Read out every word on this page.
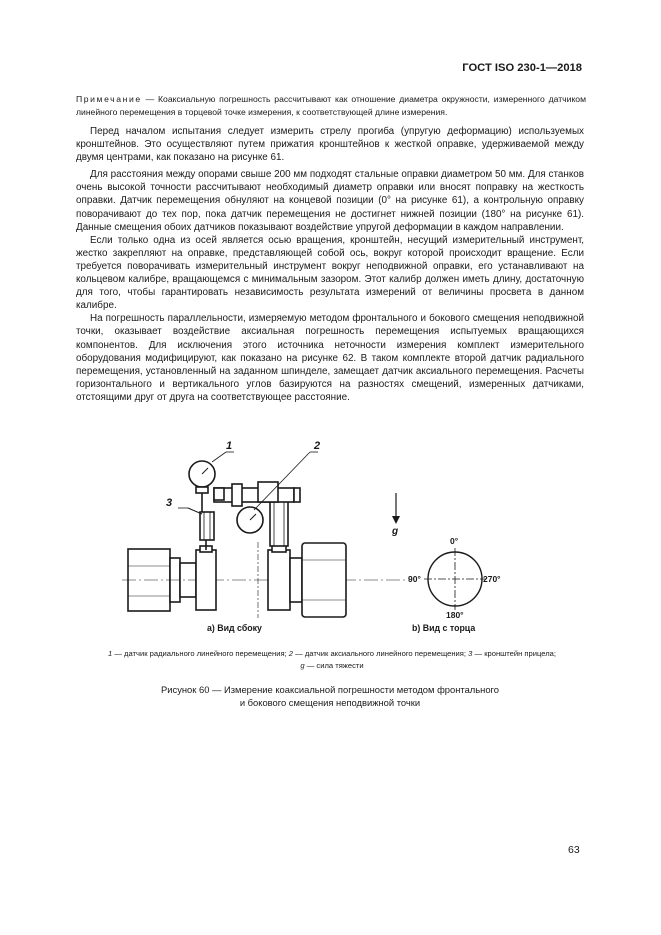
ГОСТ ISO 230-1—2018
Примечание — Коаксиальную погрешность рассчитывают как отношение диаметра окружности, измеренного датчиком линейного перемещения в торцевой точке измерения, к соответствующей длине измерения.

Перед началом испытания следует измерить стрелу прогиба (упругую деформацию) используемых кронштейнов. Это осуществляют путем прижатия кронштейнов к жесткой оправке, удерживаемой между двумя центрами, как показано на рисунке 61.

Для расстояния между опорами свыше 200 мм подходят стальные оправки диаметром 50 мм. Для станков очень высокой точности рассчитывают необходимый диаметр оправки или вносят поправку на жесткость оправки. Датчик перемещения обнуляют на концевой позиции (0° на рисунке 61), а контрольную оправку поворачивают до тех пор, пока датчик перемещения не достигнет нижней позиции (180° на рисунке 61). Данные смещения обоих датчиков показывают воздействие упругой деформации в каждом направлении.

Если только одна из осей является осью вращения, кронштейн, несущий измерительный инструмент, жестко закрепляют на оправке, представляющей собой ось, вокруг которой происходит вращение. Если требуется поворачивать измерительный инструмент вокруг неподвижной оправки, его устанавливают на кольцевом калибре, вращающемся с минимальным зазором. Этот калибр должен иметь длину, достаточную для того, чтобы гарантировать независимость результата измерений от величины просвета в данном калибре.

На погрешность параллельности, измеряемую методом фронтального и бокового смещения неподвижной точки, оказывает воздействие аксиальная погрешность перемещения испытуемых вращающихся компонентов. Для исключения этого источника неточности измерения комплект измерительного оборудования модифицируют, как показано на рисунке 62. В таком комплекте второй датчик радиального перемещения, установленный на заданном шпинделе, замещает датчик аксиального перемещения. Расчеты горизонтального и вертикального углов базируются на разностях смещений, измеренных датчиками, отстоящими друг от друга на соответствующее расстояние.

1	2
3
g
0°
90°	270°
180°
a) Вид сбоку	b) Вид с торца
1 — датчик радиального линейного перемещения; 2 — датчик аксиального линейного перемещения; 3 — кронштейн прицела;
g — сила тяжести
Рисунок 60 — Измерение коаксиальной погрешности методом фронтального
и бокового смещения неподвижной точки
63
